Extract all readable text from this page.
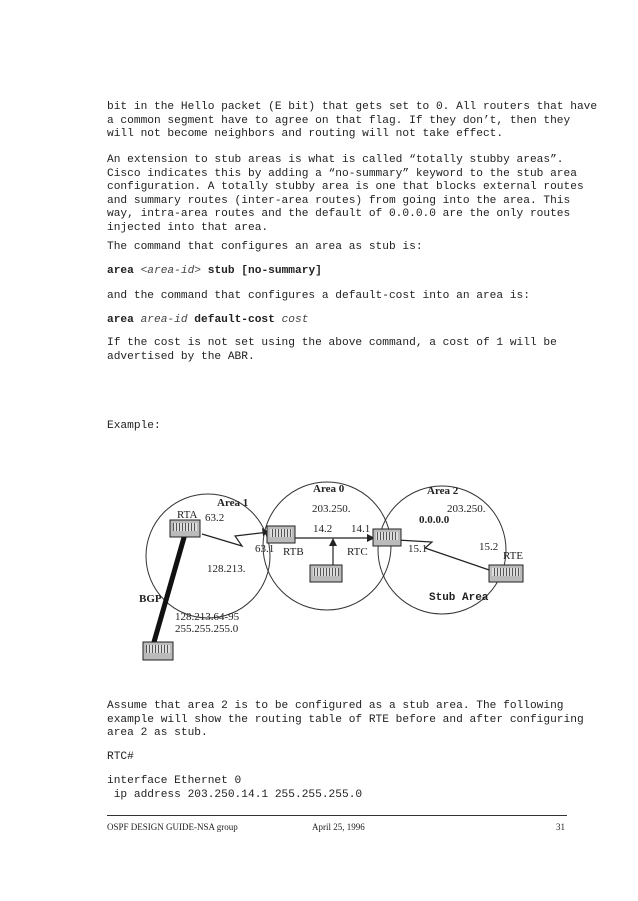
bit in the Hello packet (E bit) that gets set to 0. All routers that have
a common segment have to agree on that flag. If they don’t, then they
will not become neighbors and routing will not take effect.
An extension to stub areas is what is called “totally stubby areas”.
Cisco indicates this by adding a “no-summary” keyword to the stub area
configuration. A totally stubby area is one that blocks external routes
and summary routes (inter-area routes) from going into the area. This
way, intra-area routes and the default of 0.0.0.0 are the only routes
injected into that area.
The command that configures an area as stub is:
area <area-id> stub [no-summary]
and the command that configures a default-cost into an area is:
area area-id default-cost cost
If the cost is not set using the above command, a cost of 1 will be
advertised by the ABR.
Example:
Area 1
RTA 63.2
63.1
128.213.
Area 0
203.250.
14.2 14.1
RTB	RTC
Area 2
203.250.
0.0.0.0
15.1	15.2
RTE
BGP
128.213.64-95
255.255.255.0
Stub Area
Assume that area 2 is to be configured as a stub area. The following
example will show the routing table of RTE before and after configuring
area 2 as stub.
RTC#
interface Ethernet 0
ip address 203.250.14.1 255.255.255.0
OSPF DESIGN GUIDE-NSA group	April 25, 1996	31
